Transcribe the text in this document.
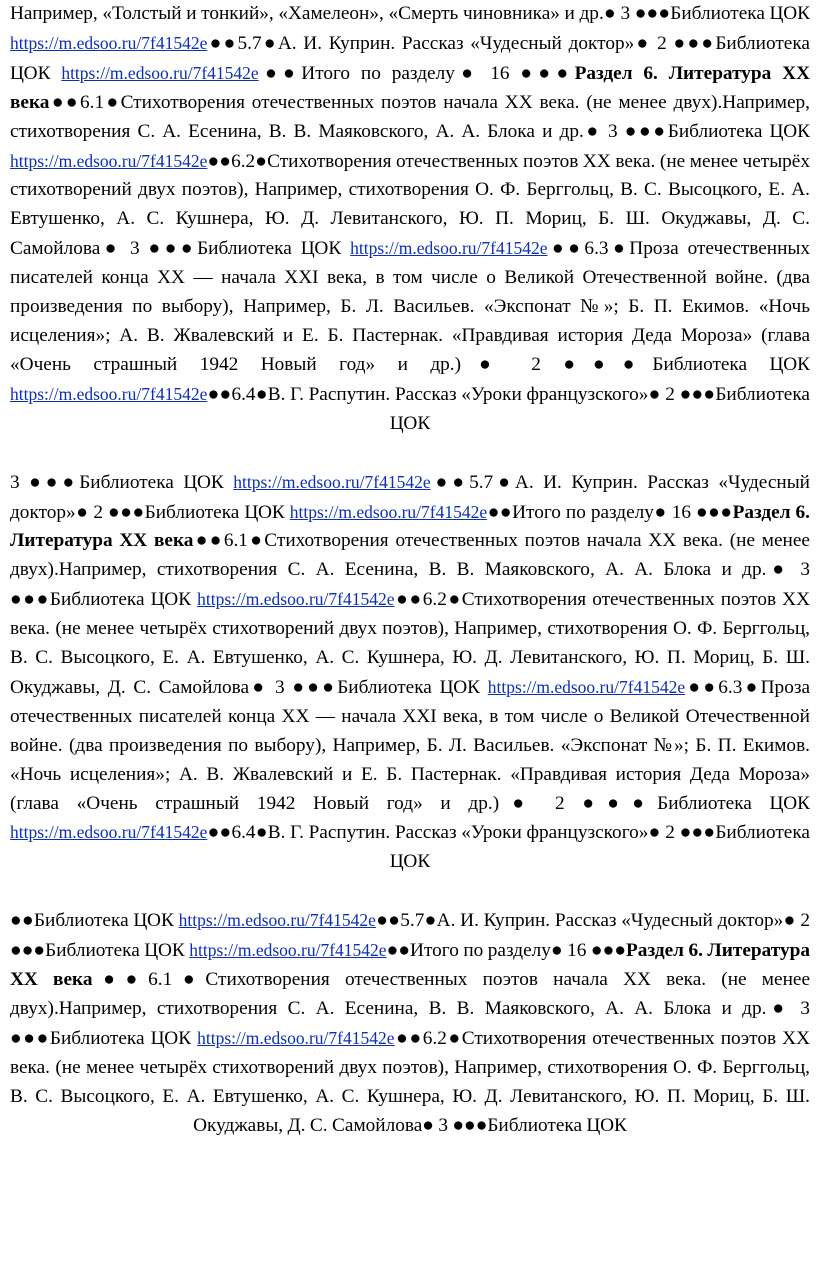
Например, «Толстый и тонкий», «Хамелеон», «Смерть чиновника» и др.● 3 ●●●Библиотека ЦОК https://m.edsoo.ru/7f41542e●●5.7●А. И. Куприн. Рассказ «Чудесный доктор»● 2 ●●●Библиотека ЦОК https://m.edsoo.ru/7f41542e●●Итого по разделу● 16 ●●●Раздел 6. Литература XX века●●6.1●Стихотворения отечественных поэтов начала XX века. (не менее двух).Например, стихотворения С. А. Есенина, В. В. Маяковского, А. А. Блока и др.● 3 ●●●Библиотека ЦОК https://m.edsoo.ru/7f41542e●●6.2●Стихотворения отечественных поэтов XX века. (не менее четырёх стихотворений двух поэтов), Например, стихотворения О. Ф. Берггольц, В. С. Высоцкого, Е. А. Евтушенко, А. С. Кушнера, Ю. Д. Левитанского, Ю. П. Мориц, Б. Ш. Окуджавы, Д. С. Самойлова● 3 ●●●Библиотека ЦОК https://m.edsoo.ru/7f41542e●●6.3●Проза отечественных писателей конца XX — начала XXI века, в том числе о Великой Отечественной войне. (два произведения по выбору), Например, Б. Л. Васильев. «Экспонат №»; Б. П. Екимов. «Ночь исцеления»; А. В. Жвалевский и Е. Б. Пастернак. «Правдивая история Деда Мороза» (глава «Очень страшный 1942 Новый год» и др.)● 2 ●●●Библиотека ЦОК https://m.edsoo.ru/7f41542e●●6.4●В. Г. Распутин. Рассказ «Уроки французского»● 2 ●●●Библиотека ЦОК

3 ●●●Библиотека ЦОК https://m.edsoo.ru/7f41542e●●5.7●А. И. Куприн. Рассказ «Чудесный доктор»● 2 ●●●Библиотека ЦОК https://m.edsoo.ru/7f41542e●●Итого по разделу● 16 ●●●Раздел 6. Литература XX века●●6.1●Стихотворения отечественных поэтов начала XX века. (не менее двух).Например, стихотворения С. А. Есенина, В. В. Маяковского, А. А. Блока и др.● 3 ●●●Библиотека ЦОК https://m.edsoo.ru/7f41542e●●6.2●Стихотворения отечественных поэтов XX века. (не менее четырёх стихотворений двух поэтов), Например, стихотворения О. Ф. Берггольц, В. С. Высоцкого, Е. А. Евтушенко, А. С. Кушнера, Ю. Д. Левитанского, Ю. П. Мориц, Б. Ш. Окуджавы, Д. С. Самойлова● 3 ●●●Библиотека ЦОК https://m.edsoo.ru/7f41542e●●6.3●Проза отечественных писателей конца XX — начала XXI века, в том числе о Великой Отечественной войне. (два произведения по выбору), Например, Б. Л. Васильев. «Экспонат №»; Б. П. Екимов. «Ночь исцеления»; А. В. Жвалевский и Е. Б. Пастернак. «Правдивая история Деда Мороза» (глава «Очень страшный 1942 Новый год» и др.)● 2 ●●●Библиотека ЦОК https://m.edsoo.ru/7f41542e●●6.4●В. Г. Распутин. Рассказ «Уроки французского»● 2 ●●●Библиотека ЦОК

●●Библиотека ЦОК https://m.edsoo.ru/7f41542e●●5.7●А. И. Куприн. Рассказ «Чудесный доктор»● 2 ●●●Библиотека ЦОК https://m.edsoo.ru/7f41542e●●Итого по разделу● 16 ●●●Раздел 6. Литература XX века●●6.1●Стихотворения отечественных поэтов начала XX века. (не менее двух).Например, стихотворения С. А. Есенина, В. В. Маяковского, А. А. Блока и др.● 3 ●●●Библиотека ЦОК https://m.edsoo.ru/7f41542e●●6.2●Стихотворения отечественных поэтов XX века. (не менее четырёх стихотворений двух поэтов), Например, стихотворения О. Ф. Берггольц, В. С. Высоцкого, Е. А. Евтушенко, А. С. Кушнера, Ю. Д. Левитанского, Ю. П. Мориц, Б. Ш. Окуджавы, Д. С. Самойлова● 3 ●●●Библиотека ЦОК
